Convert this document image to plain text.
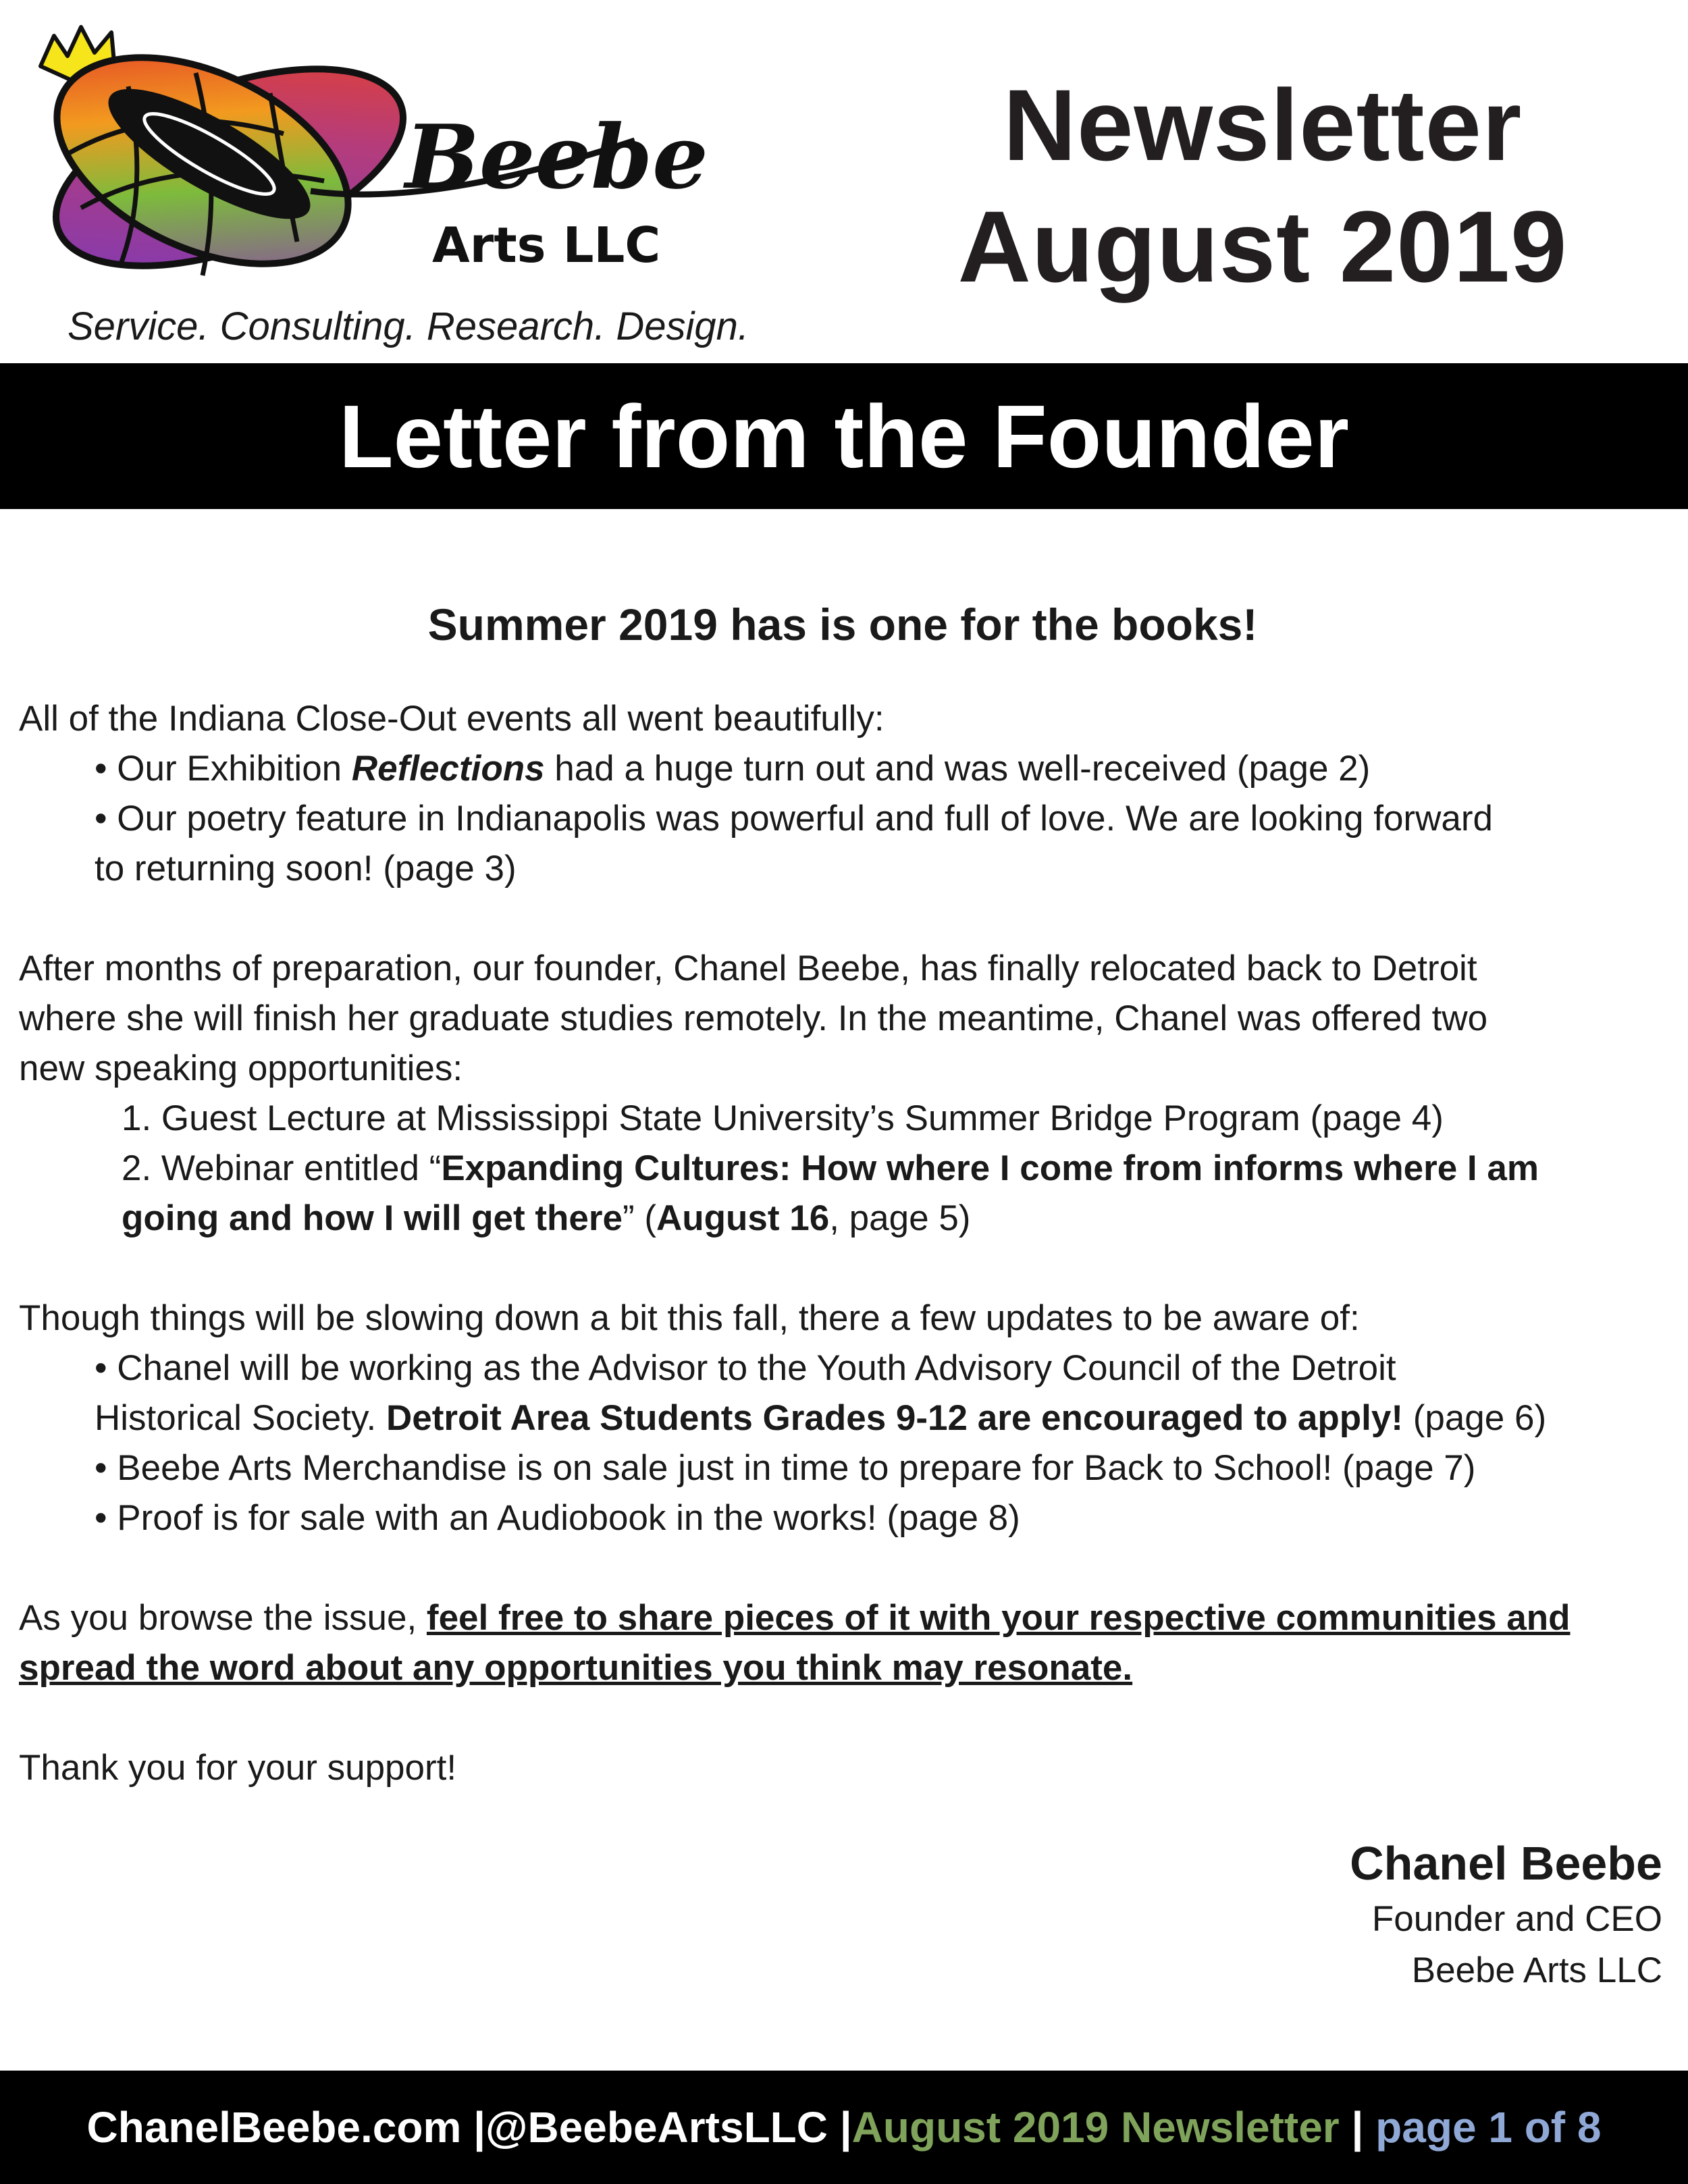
Beebe
Arts LLC
Service. Consulting. Research. Design.
Newsletter
August 2019
Letter from the Founder

Summer 2019 has is one for the books!

All of the Indiana Close-Out events all went beautifully:

• Our Exhibition Reflections had a huge turn out and was well-received (page 2)

• Our poetry feature in Indianapolis was powerful and full of love. We are looking forward
to returning soon! (page 3)

After months of preparation, our founder, Chanel Beebe, has finally relocated back to Detroit
where she will finish her graduate studies remotely. In the meantime, Chanel was offered two
new speaking opportunities:

1. Guest Lecture at Mississippi State University’s Summer Bridge Program (page 4)

2. Webinar entitled “Expanding Cultures: How where I come from informs where I am
going and how I will get there” (August 16, page 5)

Though things will be slowing down a bit this fall, there a few updates to be aware of:

• Chanel will be working as the Advisor to the Youth Advisory Council of the Detroit
Historical Society. Detroit Area Students Grades 9-12 are encouraged to apply! (page 6)

• Beebe Arts Merchandise is on sale just in time to prepare for Back to School! (page 7)

• Proof is for sale with an Audiobook in the works! (page 8)

As you browse the issue, feel free to share pieces of it with your respective communities and
spread the word about any opportunities you think may resonate.

Thank you for your support!

Chanel Beebe
Founder and CEO
Beebe Arts LLC
ChanelBeebe.com |@BeebeArtsLLC | August 2019 Newsletter | page 1 of 8
